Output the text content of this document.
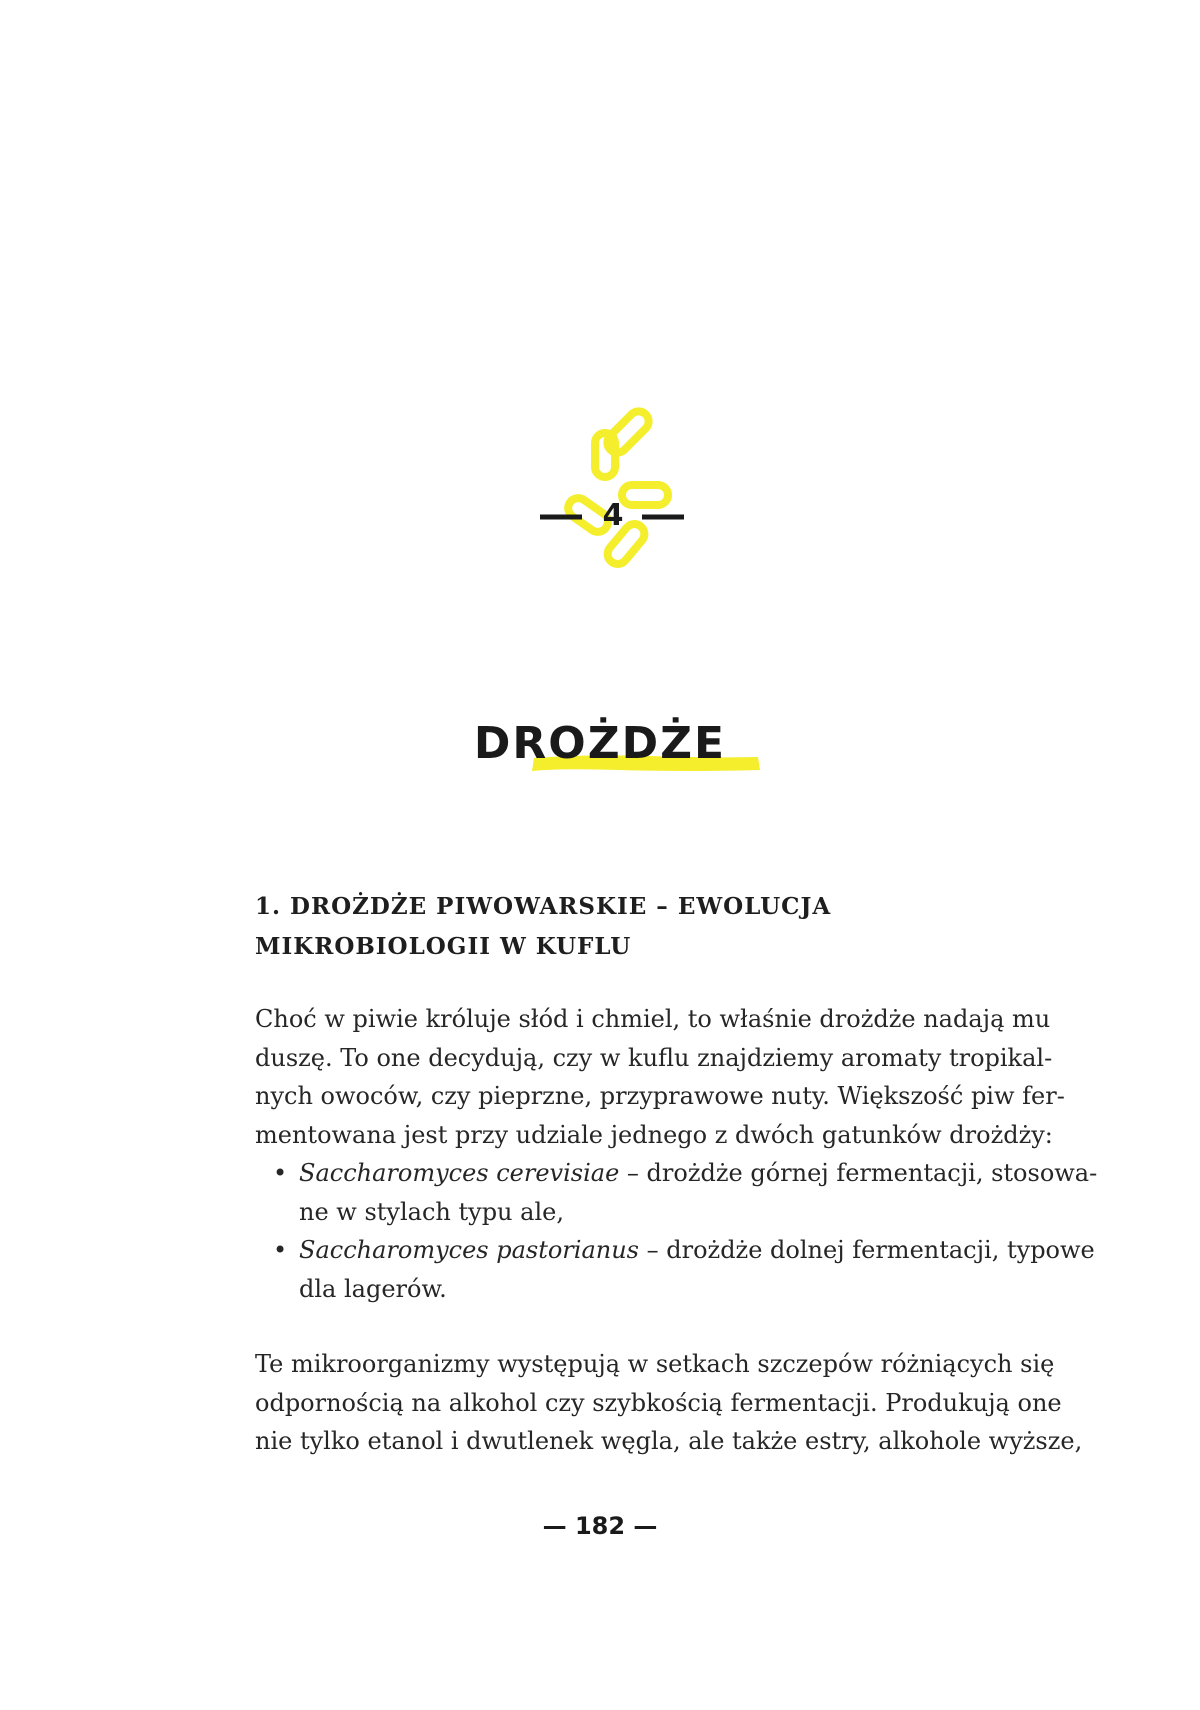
4
DROŻDŻE
1. DROŻDŻE PIWOWARSKIE – EWOLUCJA
MIKROBIOLOGII W KUFLU
Choć w piwie króluje słód i chmiel, to właśnie drożdże nadają mu
duszę. To one decydują, czy w kuflu znajdziemy aromaty tropikal-
nych owoców, czy pieprzne, przyprawowe nuty. Większość piw fer-
mentowana jest przy udziale jednego z dwóch gatunków drożdży:
• Saccharomyces cerevisiae – drożdże górnej fermentacji, stosowa-
ne w stylach typu ale,
• Saccharomyces pastorianus – drożdże dolnej fermentacji, typowe
dla lagerów.
Te mikroorganizmy występują w setkach szczepów różniących się
odpornością na alkohol czy szybkością fermentacji. Produkują one
nie tylko etanol i dwutlenek węgla, ale także estry, alkohole wyższe,
— 182 —
